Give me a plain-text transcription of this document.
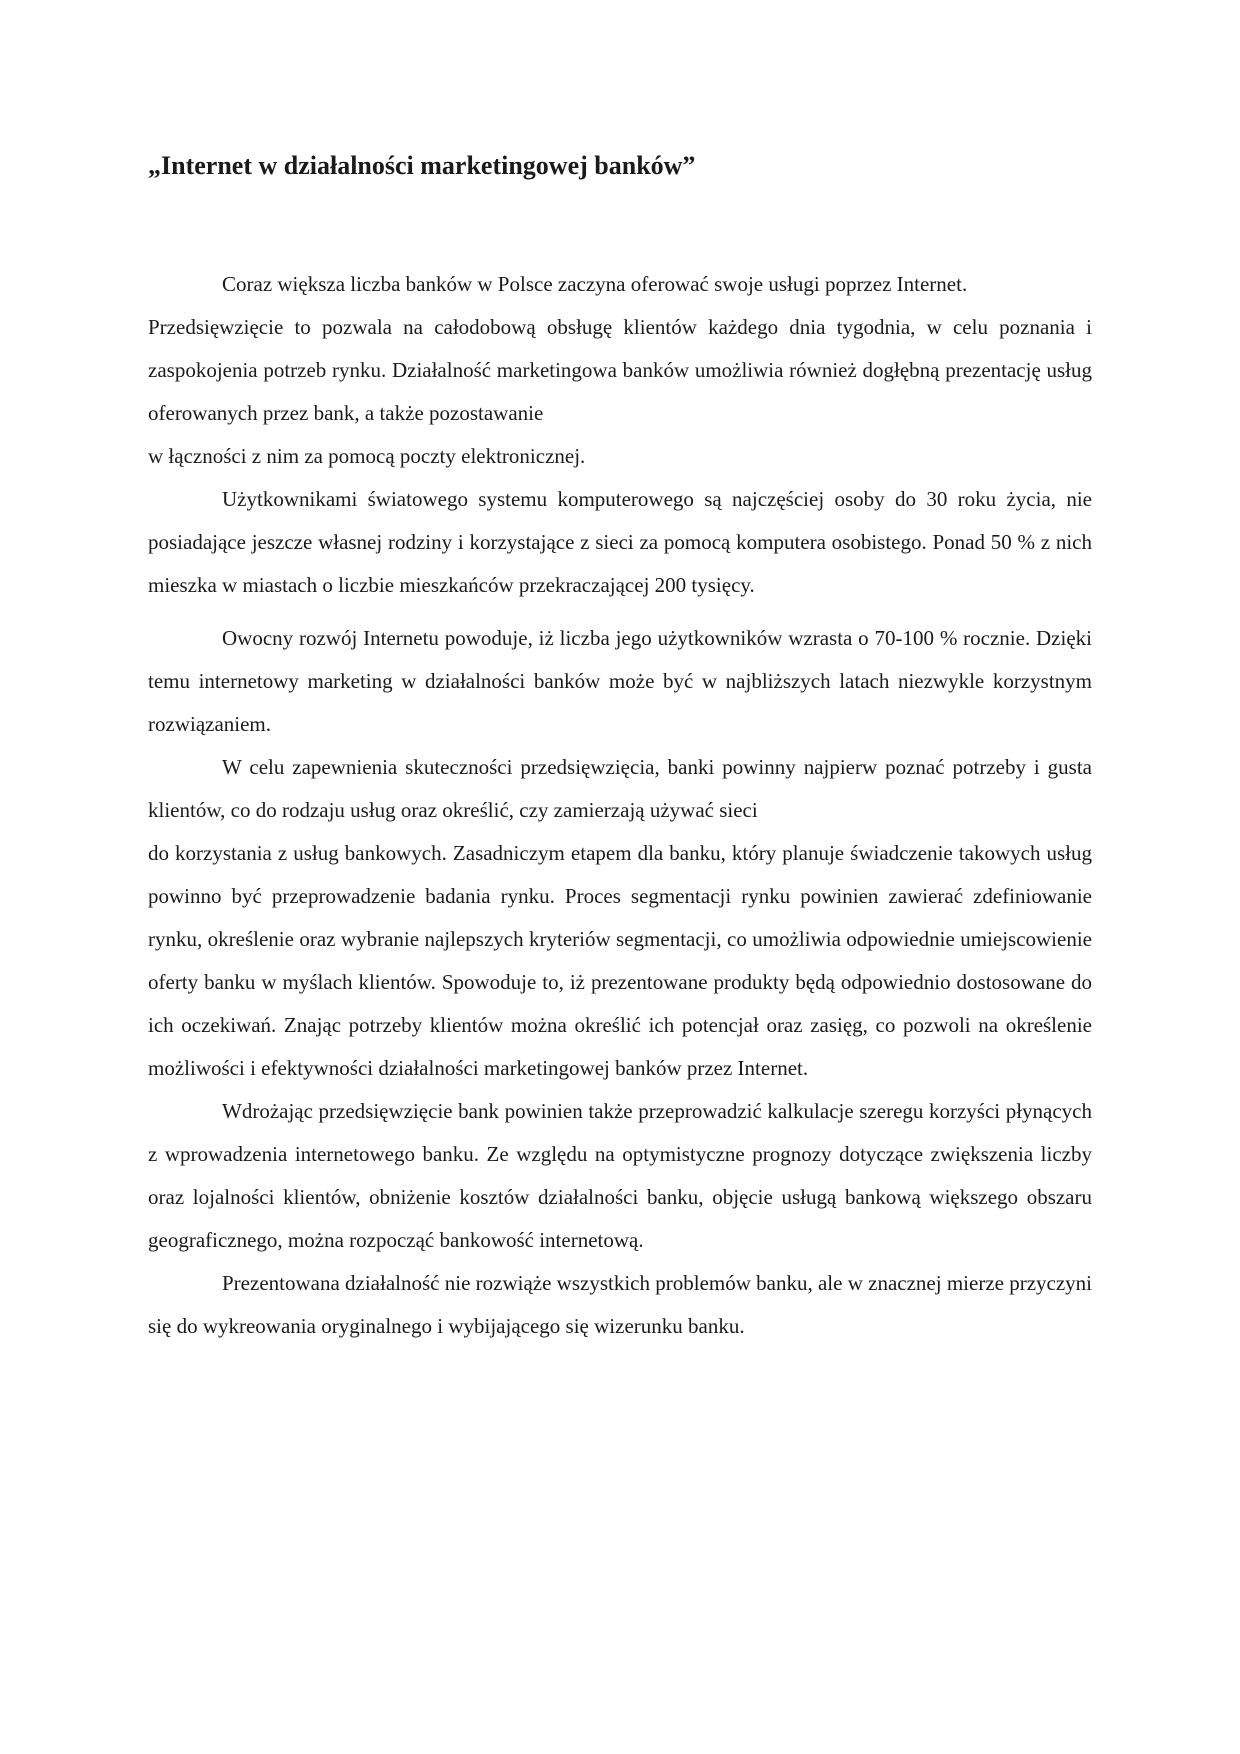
„Internet w działalności marketingowej banków”

Coraz większa liczba banków w Polsce zaczyna oferować swoje usługi poprzez Internet.

Przedsięwzięcie to pozwala na całodobową obsługę klientów każdego dnia tygodnia, w celu poznania i zaspokojenia potrzeb rynku. Działalność marketingowa banków umożliwia również dogłębną prezentację usług oferowanych przez bank, a także pozostawanie

w łączności z nim za pomocą poczty elektronicznej.

Użytkownikami światowego systemu komputerowego są najczęściej osoby do 30 roku życia, nie posiadające jeszcze własnej rodziny i korzystające z sieci za pomocą komputera osobistego. Ponad 50 % z nich mieszka w miastach o liczbie mieszkańców przekraczającej 200 tysięcy.

Owocny rozwój Internetu powoduje, iż liczba jego użytkowników wzrasta o 70-100 % rocznie. Dzięki temu internetowy marketing w działalności banków może być w najbliższych latach niezwykle korzystnym rozwiązaniem.

W celu zapewnienia skuteczności przedsięwzięcia, banki powinny najpierw poznać potrzeby i gusta klientów, co do rodzaju usług oraz określić, czy zamierzają używać sieci

do korzystania z usług bankowych. Zasadniczym etapem dla banku, który planuje świadczenie takowych usług powinno być przeprowadzenie badania rynku. Proces segmentacji rynku powinien zawierać zdefiniowanie rynku, określenie oraz wybranie najlepszych kryteriów segmentacji, co umożliwia odpowiednie umiejscowienie oferty banku w myślach klientów. Spowoduje to, iż prezentowane produkty będą odpowiednio dostosowane do ich oczekiwań. Znając potrzeby klientów można określić ich potencjał oraz zasięg, co pozwoli na określenie możliwości i efektywności działalności marketingowej banków przez Internet.

Wdrożając przedsięwzięcie bank powinien także przeprowadzić kalkulacje szeregu korzyści płynących z wprowadzenia internetowego banku. Ze względu na optymistyczne prognozy dotyczące zwiększenia liczby oraz lojalności klientów, obniżenie kosztów działalności banku, objęcie usługą bankową większego obszaru geograficznego, można rozpocząć bankowość internetową.

Prezentowana działalność nie rozwiąże wszystkich problemów banku, ale w znacznej mierze przyczyni się do wykreowania oryginalnego i wybijającego się wizerunku banku.
